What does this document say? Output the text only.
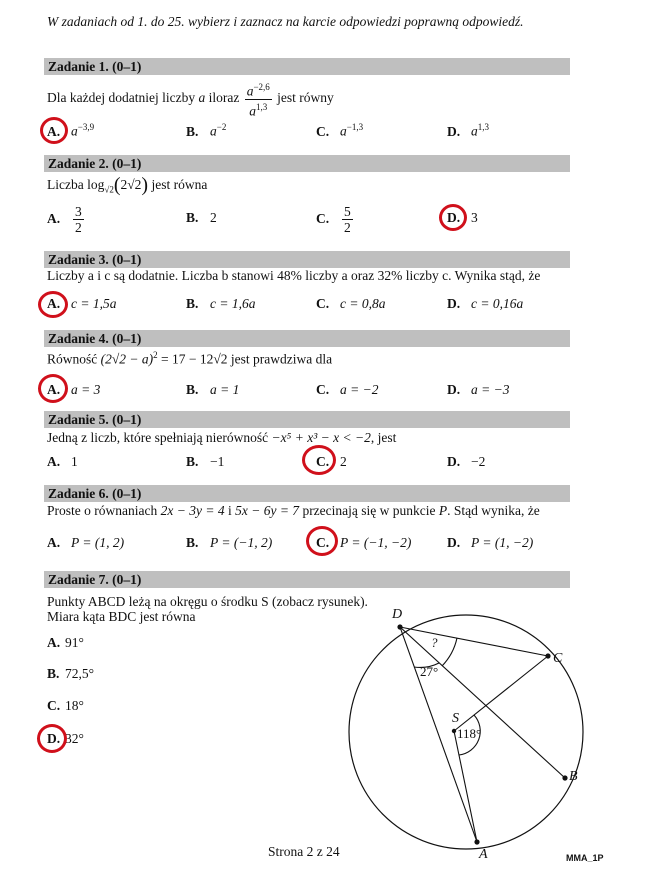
W zadaniach od 1. do 25. wybierz i zaznacz na karcie odpowiedzi poprawną odpowiedź.
Zadanie 1. (0–1)
Dla każdej dodatniej liczby a iloraz $\frac{a^{-2,6}}{a^{1,3}}$ jest równy
A. $a^{-3,9}$	B. $a^{-2}$	C. $a^{-1,3}$	D. $a^{1,3}$
Zadanie 2. (0–1)
Liczba $\log_{√2}(2√2)$ jest równa
A. $\frac{3}{2}$	B. 2	C. $\frac{5}{2}$	D. 3
Zadanie 3. (0–1)
Liczby a i c są dodatnie. Liczba b stanowi 48% liczby a oraz 32% liczby c. Wynika stąd, że
A. c = 1,5a	B. c = 1,6a	C. c = 0,8a	D. c = 0,16a
Zadanie 4. (0–1)
Równość $(2√2 - a)^2 = 17 - 12√2$ jest prawdziwa dla
A. a = 3	B. a = 1	C. a = −2	D. a = −3
Zadanie 5. (0–1)
Jedną z liczb, które spełniają nierówność −x⁵ + x³ − x < −2, jest
A. 1	B. −1	C. 2	D. −2
Zadanie 6. (0–1)
Proste o równaniach 2x − 3y = 4 i 5x − 6y = 7 przecinają się w punkcie P. Stąd wynika, że
A. P = (1, 2)	B. P = (−1, 2)	C. P = (−1, −2)	D. P = (1, −2)
Zadanie 7. (0–1)
Punkty ABCD leżą na okręgu o środku S (zobacz rysunek).
Miara kąta BDC jest równa
A. 91°
B. 72,5°
C. 18°
D. 32°
D
C
B
A
S
?
27°
118°
Strona 2 z 24	MMA_1P
